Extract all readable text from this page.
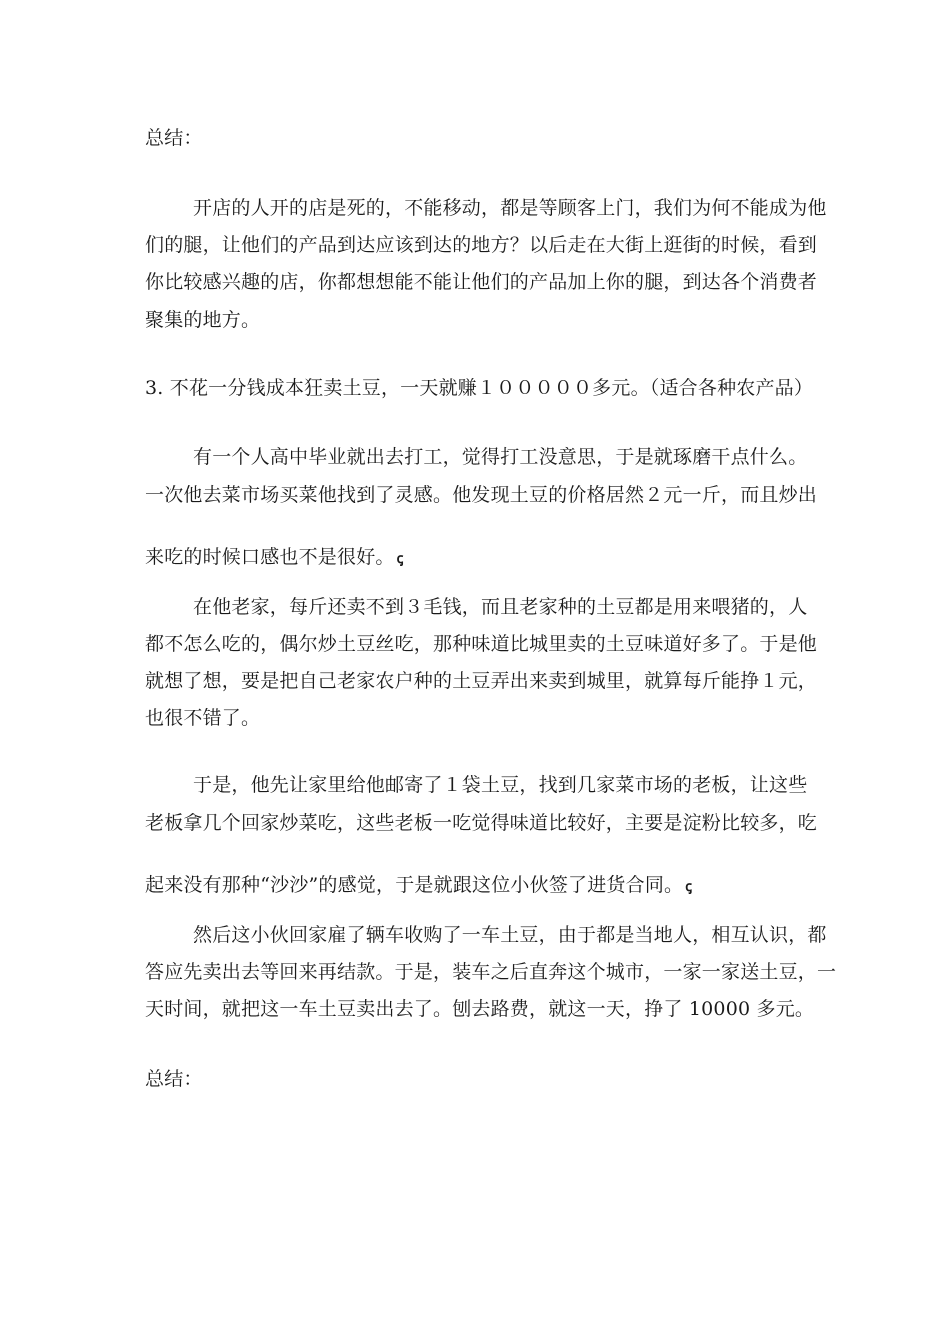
总结：
开店的人开的店是死的，不能移动，都是等顾客上门，我们为何不能成为他
们的腿，让他们的产品到达应该到达的地方？以后走在大街上逛街的时候，看到
你比较感兴趣的店，你都想想能不能让他们的产品加上你的腿，到达各个消费者
聚集的地方。
3. 不花一分钱成本狂卖土豆，一天就赚１０００００多元。（适合各种农产品）
有一个人高中毕业就出去打工，觉得打工没意思，于是就琢磨干点什么。
一次他去菜市场买菜他找到了灵感。他发现土豆的价格居然２元一斤，而且炒出
来吃的时候口感也不是很好。 ꞔ
在他老家，每斤还卖不到３毛钱，而且老家种的土豆都是用来喂猪的，人
都不怎么吃的，偶尔炒土豆丝吃，那种味道比城里卖的土豆味道好多了。于是他
就想了想，要是把自己老家农户种的土豆弄出来卖到城里，就算每斤能挣１元，
也很不错了。
于是，他先让家里给他邮寄了１袋土豆，找到几家菜市场的老板，让这些
老板拿几个回家炒菜吃，这些老板一吃觉得味道比较好，主要是淀粉比较多，吃
起来没有那种“沙沙”的感觉，于是就跟这位小伙签了进货合同。 ꞔ
然后这小伙回家雇了辆车收购了一车土豆，由于都是当地人，相互认识，都
答应先卖出去等回来再结款。于是，装车之后直奔这个城市，一家一家送土豆，一
天时间，就把这一车土豆卖出去了。刨去路费，就这一天，挣了 10000 多元。
总结：
